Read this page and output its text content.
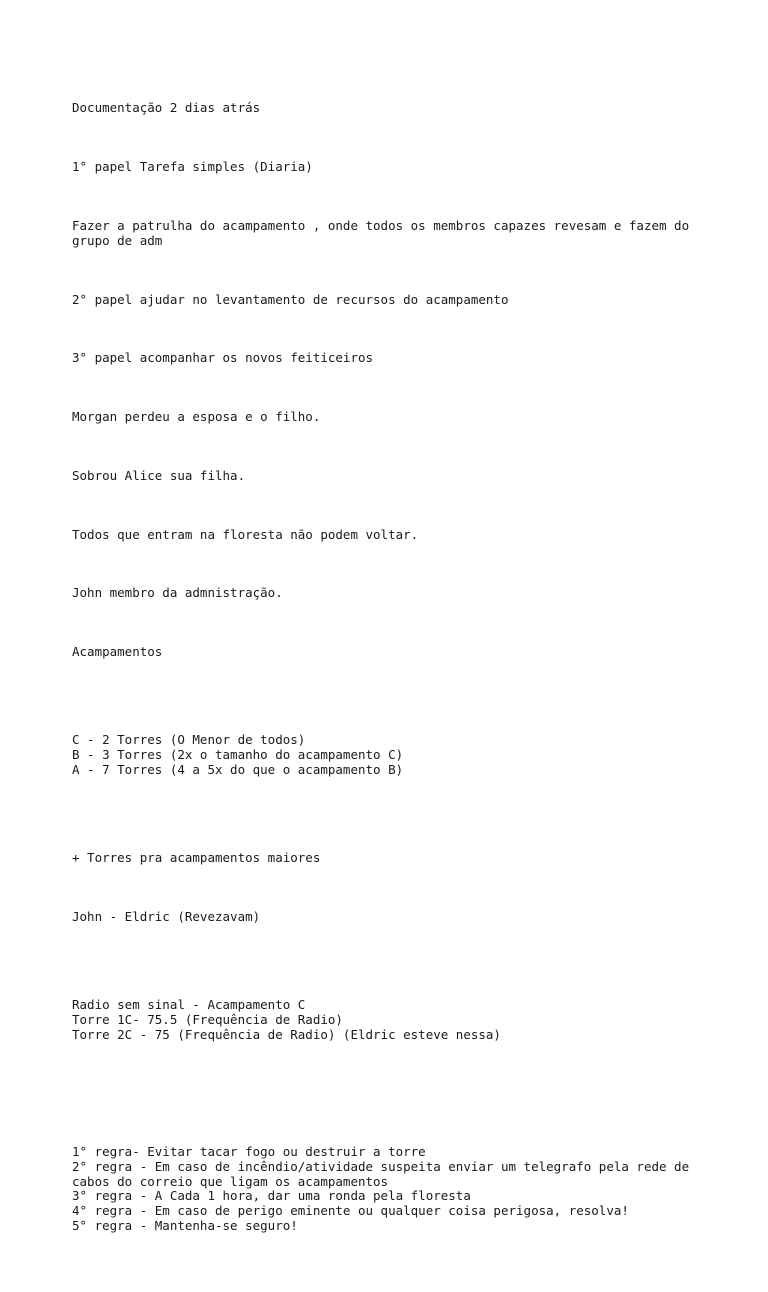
Documentação 2 dias atrás

1° papel Tarefa simples (Diaria)

Fazer a patrulha do acampamento , onde todos os membros capazes revesam e fazem do grupo de adm

2° papel ajudar no levantamento de recursos do acampamento

3° papel acompanhar os novos feiticeiros

Morgan perdeu a esposa e o filho.

Sobrou Alice sua filha.

Todos que entram na floresta não podem voltar.

John membro da admnistração.

Acampamentos

C - 2 Torres (O Menor de todos)
B - 3 Torres (2x o tamanho do acampamento C)
A - 7 Torres (4 a 5x do que o acampamento B)

+ Torres pra acampamentos maiores

John - Eldric (Revezavam)

Radio sem sinal - Acampamento C
Torre 1C- 75.5 (Frequência de Radio)
Torre 2C - 75 (Frequência de Radio) (Eldric esteve nessa)

1° regra- Evitar tacar fogo ou destruir a torre
2° regra - Em caso de incêndio/atividade suspeita enviar um telegrafo pela rede de cabos do correio que ligam os acampamentos
3° regra - A Cada 1 hora, dar uma ronda pela floresta
4° regra - Em caso de perigo eminente ou qualquer coisa perigosa, resolva!
5° regra - Mantenha-se seguro!
